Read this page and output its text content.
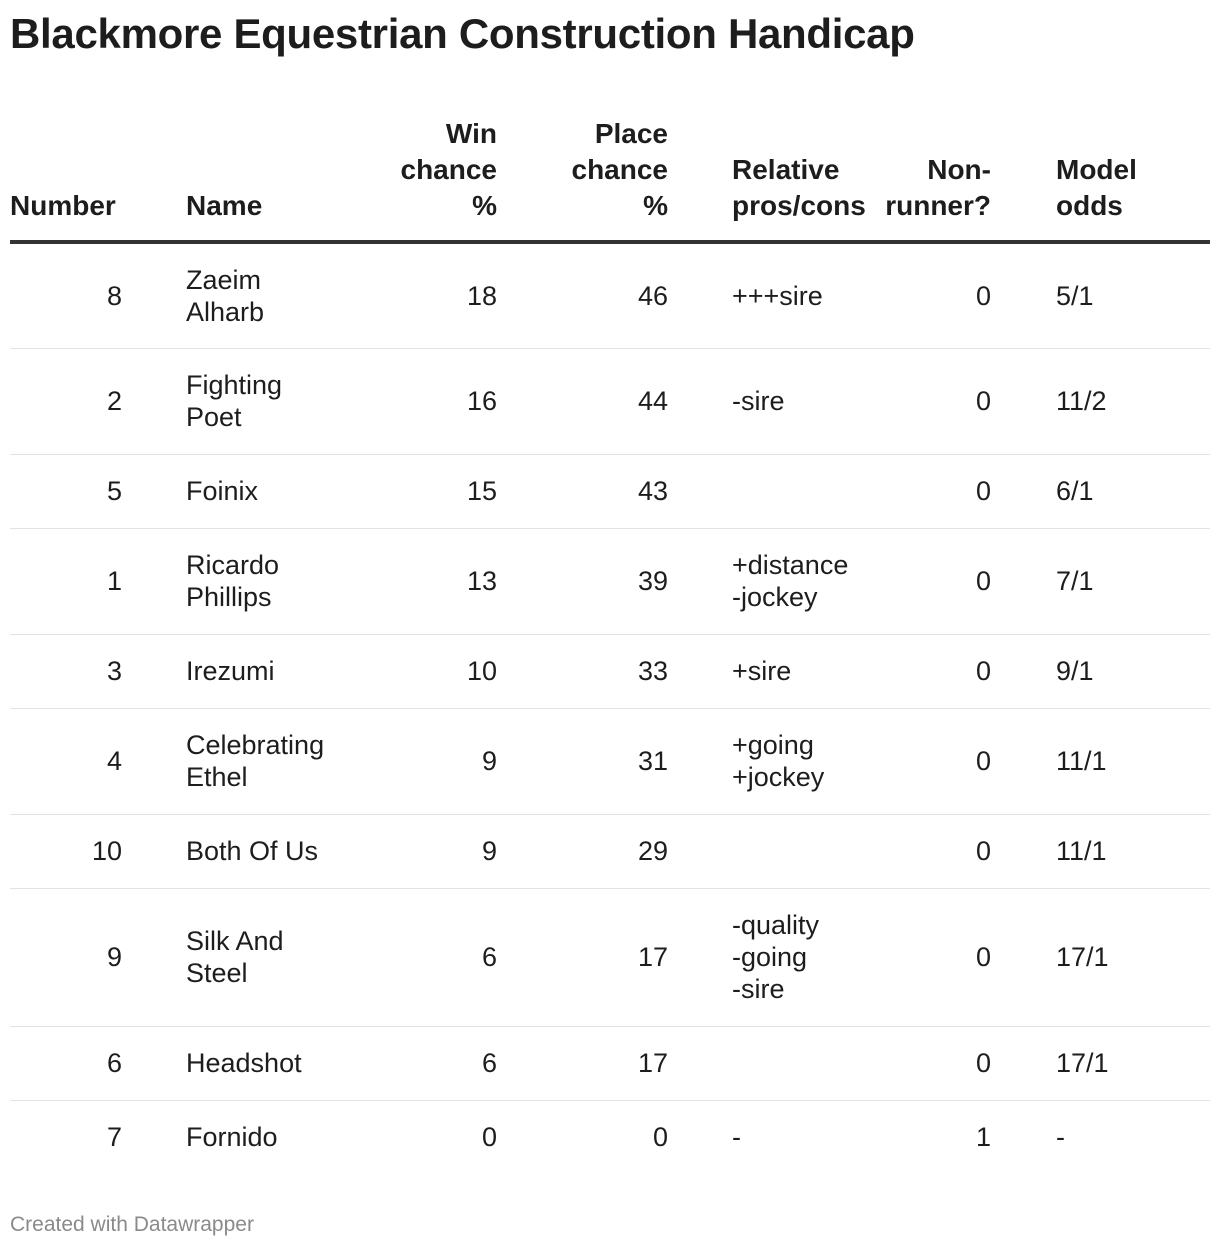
Blackmore Equestrian Construction Handicap
Number	Name	Win
chance
%	Place
chance
%	Relative
pros/cons	Non-
runner?	Model
odds
8	Zaeim
Alharb	18	46	+++sire	0	5/1
2	Fighting
Poet	16	44	-sire	0	11/2
5	Foinix	15	43		0	6/1
1	Ricardo
Phillips	13	39	+distance
-jockey	0	7/1
3	Irezumi	10	33	+sire	0	9/1
4	Celebrating
Ethel	9	31	+going
+jockey	0	11/1
10	Both Of Us	9	29		0	11/1
9	Silk And
Steel	6	17	-quality
-going
-sire	0	17/1
6	Headshot	6	17		0	17/1
7	Fornido	0	0	-	1	-
Created with Datawrapper
